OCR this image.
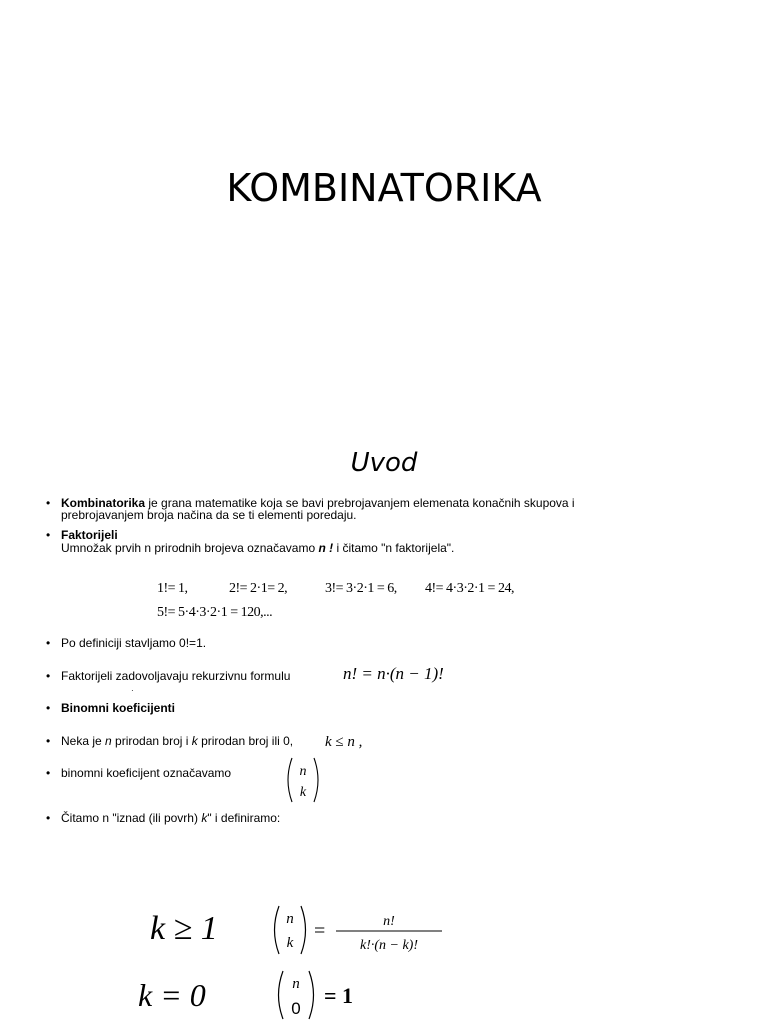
KOMBINATORIKA
Uvod
• Kombinatorika je grana matematike koja se bavi prebrojavanjem elemenata konačnih skupova i
prebrojavanjem broja načina da se ti elementi poredaju.
• Faktorijeli
Umnožak prvih n prirodnih brojeva označavamo n ! i čitamo "n faktorijela".
1!= 1,	2!= 2·1= 2,	3!= 3·2·1 = 6, 4!= 4·3·2·1 = 24,
5!= 5·4·3·2·1 = 120,...
• Po definiciji stavljamo 0!=1.
• Faktorijeli zadovoljavaju rekurzivnu formulu	n! = n·(n − 1)!
·
• Binomni koeficijenti
• Neka je n prirodan broj i k prirodan broj ili 0, k ≤ n ,
• binomni koeficijent označavamo	n
k
• Čitamo n "iznad (ili povrh) k" i definiramo:
k ≥ 1	n
k
=	n!
k!·(n − k)!
k = 0	n
0
= 1
